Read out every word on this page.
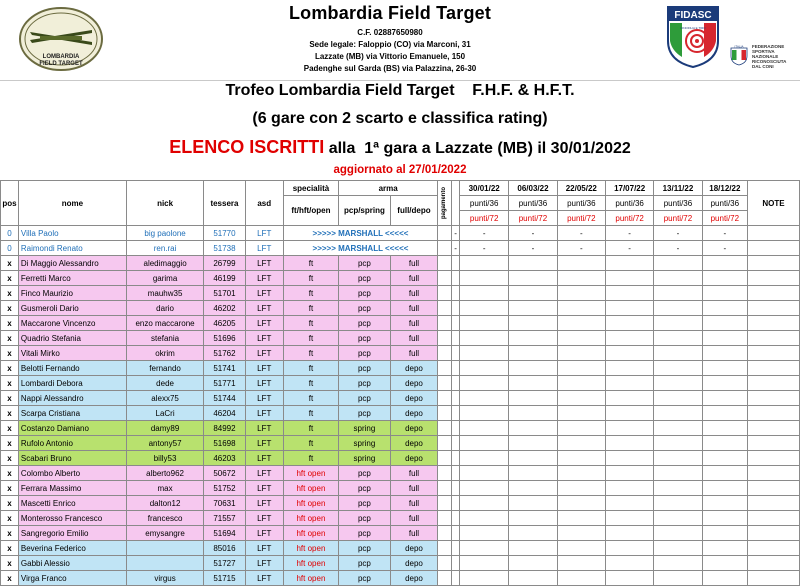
LOMBARDIA
FIELD TARGET
Lombardia Field Target
C.F. 02887650980
Sede legale: Faloppio (CO) via Marconi, 31
Lazzate (MB) via Vittorio Emanuele, 150
Padenghe sul Garda (BS) via Palazzina, 26-30
FIDASC
CINOFILIA E TIRO
ITALIA FEDERAZIONE SPORTIVA NAZIONALE RICONOSCIUTA DAL CONI
Trofeo Lombardia Field Target    F.H.F. & H.F.T.
(6 gare con 2 scarto e classifica rating)
ELENCO ISCRITTI alla  1ª gara a Lazzate (MB) il 30/01/2022
aggiornato al 27/01/2022
pos	nome	nick	tessera	asd	specialità	arma		pagamento		30/01/22	06/03/22	22/05/22	17/07/22	13/11/22	18/12/22	NOTE
					ft/hft/open	pcp/spring	full/depo			punti/36	punti/36	punti/36	punti/36	punti/36	punti/36	
										punti/72	punti/72	punti/72	punti/72	punti/72	punti/72	
0	Villa Paolo	big paolone	51770	LFT	>>>>> MARSHALL <<<<<				-	-	-	-	-	-	-	
0	Raimondi Renato	ren.rai	51738	LFT	>>>>> MARSHALL <<<<<				-	-	-	-	-	-	-	
x	Di Maggio Alessandro	aledimaggio	26799	LFT	ft	pcp	full									
x	Ferretti Marco	garima	46199	LFT	ft	pcp	full									
x	Finco Maurizio	mauhw35	51701	LFT	ft	pcp	full									
x	Gusmeroli Dario	dario	46202	LFT	ft	pcp	full									
x	Maccarone Vincenzo	enzo maccarone	46205	LFT	ft	pcp	full									
x	Quadrio Stefania	stefania	51696	LFT	ft	pcp	full									
x	Vitali Mirko	okrim	51762	LFT	ft	pcp	full									
x	Belotti Fernando	fernando	51741	LFT	ft	pcp	depo									
x	Lombardi Debora	dede	51771	LFT	ft	pcp	depo									
x	Nappi Alessandro	alexx75	51744	LFT	ft	pcp	depo									
x	Scarpa Cristiana	LaCri	46204	LFT	ft	pcp	depo									
x	Costanzo Damiano	damy89	84992	LFT	ft	spring	depo									
x	Rufolo Antonio	antony57	51698	LFT	ft	spring	depo									
x	Scabari Bruno	billy53	46203	LFT	ft	spring	depo									
x	Colombo Alberto	alberto962	50672	LFT	hft open	pcp	full									
x	Ferrara Massimo	max	51752	LFT	hft open	pcp	full									
x	Mascetti Enrico	dalton12	70631	LFT	hft open	pcp	full									
x	Monterosso Francesco	francesco	71557	LFT	hft open	pcp	full									
x	Sangregorio Emilio	emysangre	51694	LFT	hft open	pcp	full									
x	Beverina Federico		85016	LFT	hft open	pcp	depo									
x	Gabbi Alessio		51727	LFT	hft open	pcp	depo									
x	Virga Franco	virgus	51715	LFT	hft open	pcp	depo									
